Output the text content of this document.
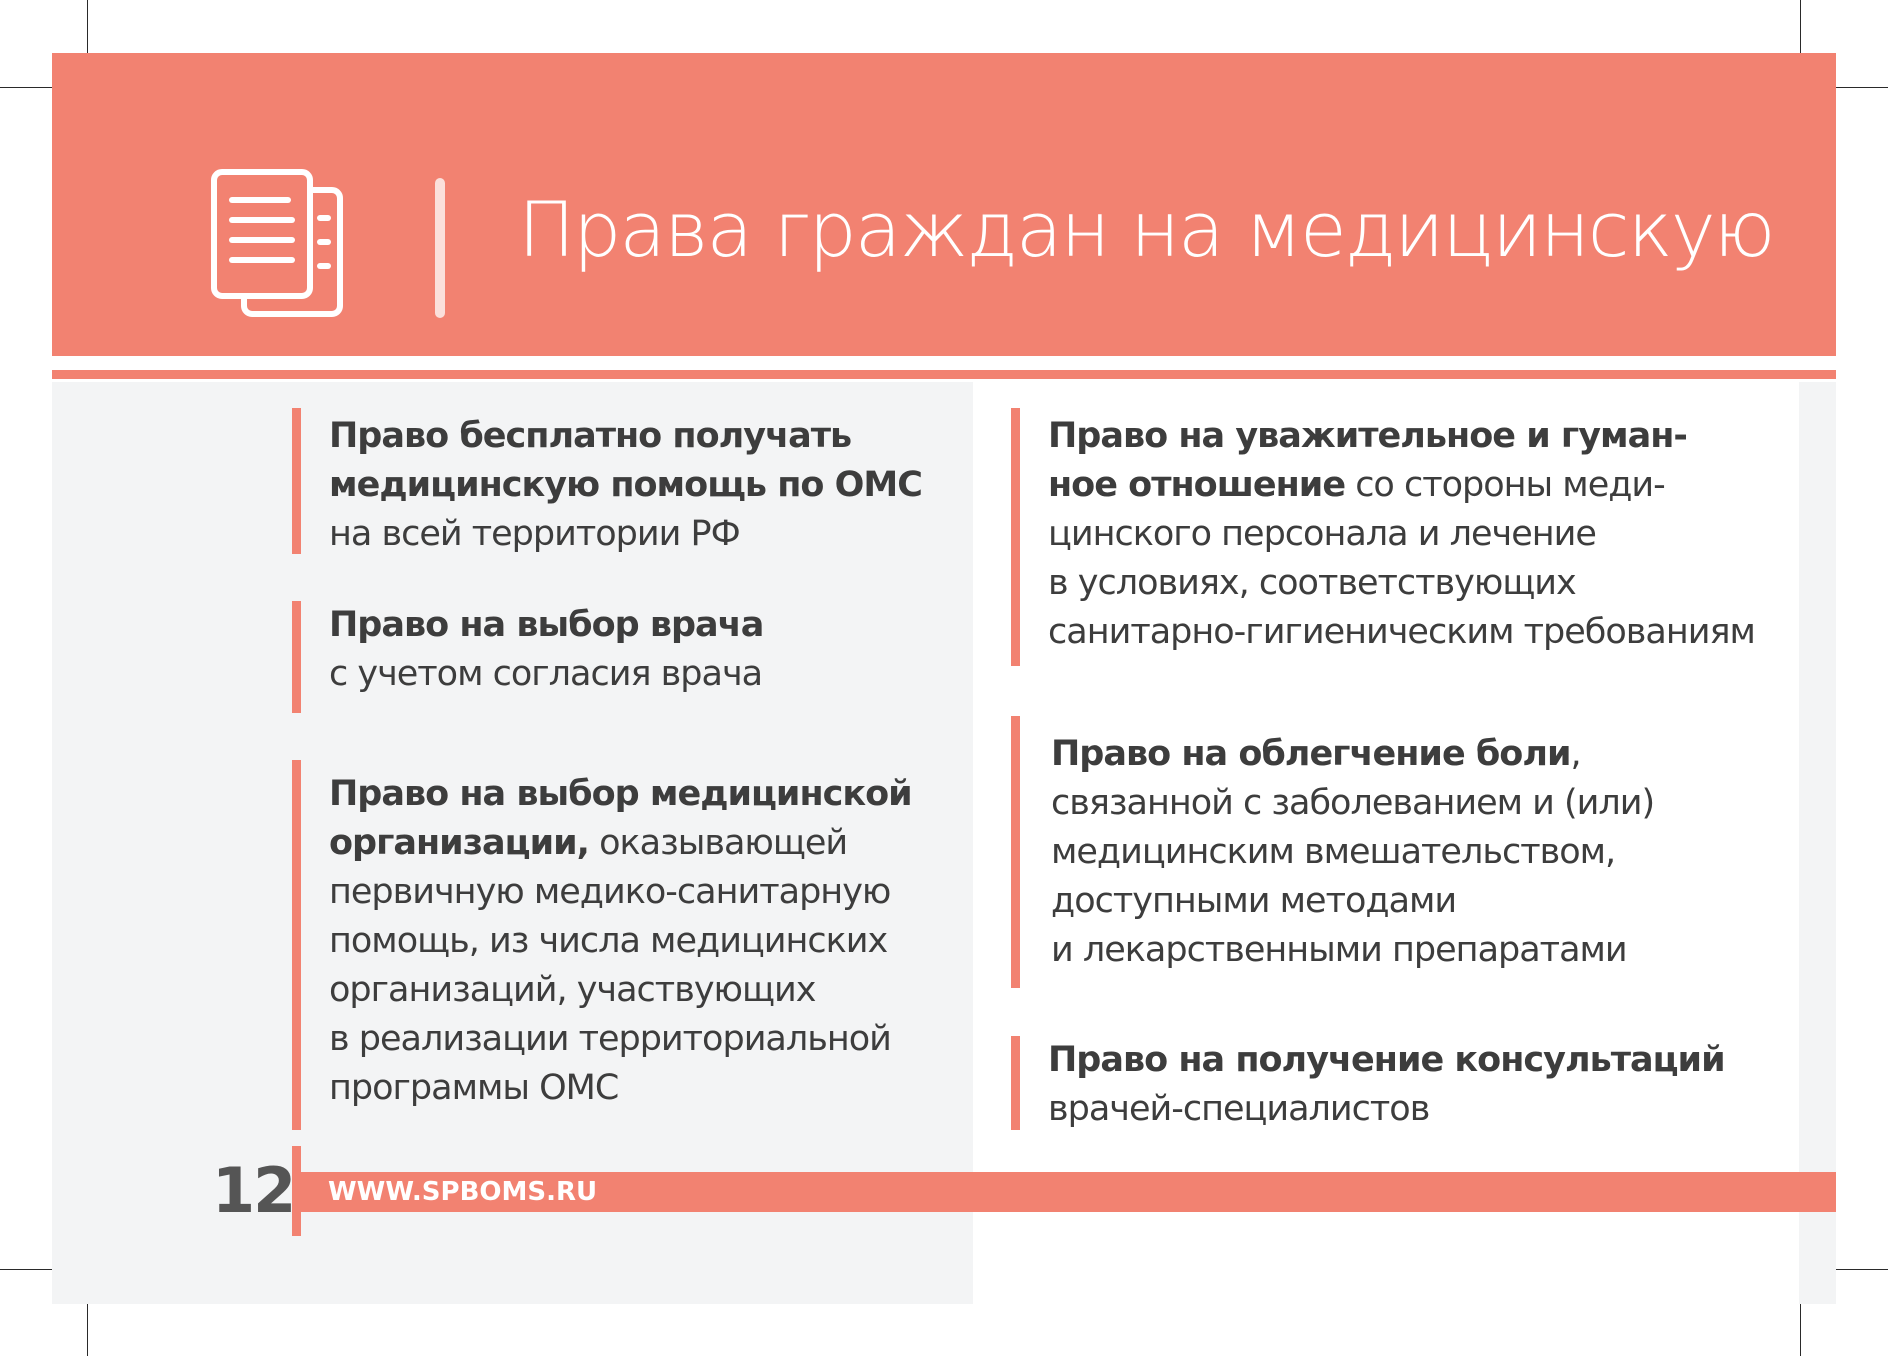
Права граждан на медицинскую

Право бесплатно получать
медицинскую помощь по ОМС
на всей территории РФ

Право на выбор врача
с учетом согласия врача

Право на выбор медицинской
организации, оказывающей
первичную медико-санитарную
помощь, из числа медицинских
организаций, участвующих
в реализации территориальной
программы ОМС

Право на уважительное и гуман-
ное отношение со стороны меди-
цинского персонала и лечение
в условиях, соответствующих
санитарно-гигиеническим требованиям

Право на облегчение боли,
связанной с заболеванием и (или)
медицинским вмешательством,
доступными методами
и лекарственными препаратами

Право на получение консультаций
врачей-специалистов

12 WWW.SPBOMS.RU
